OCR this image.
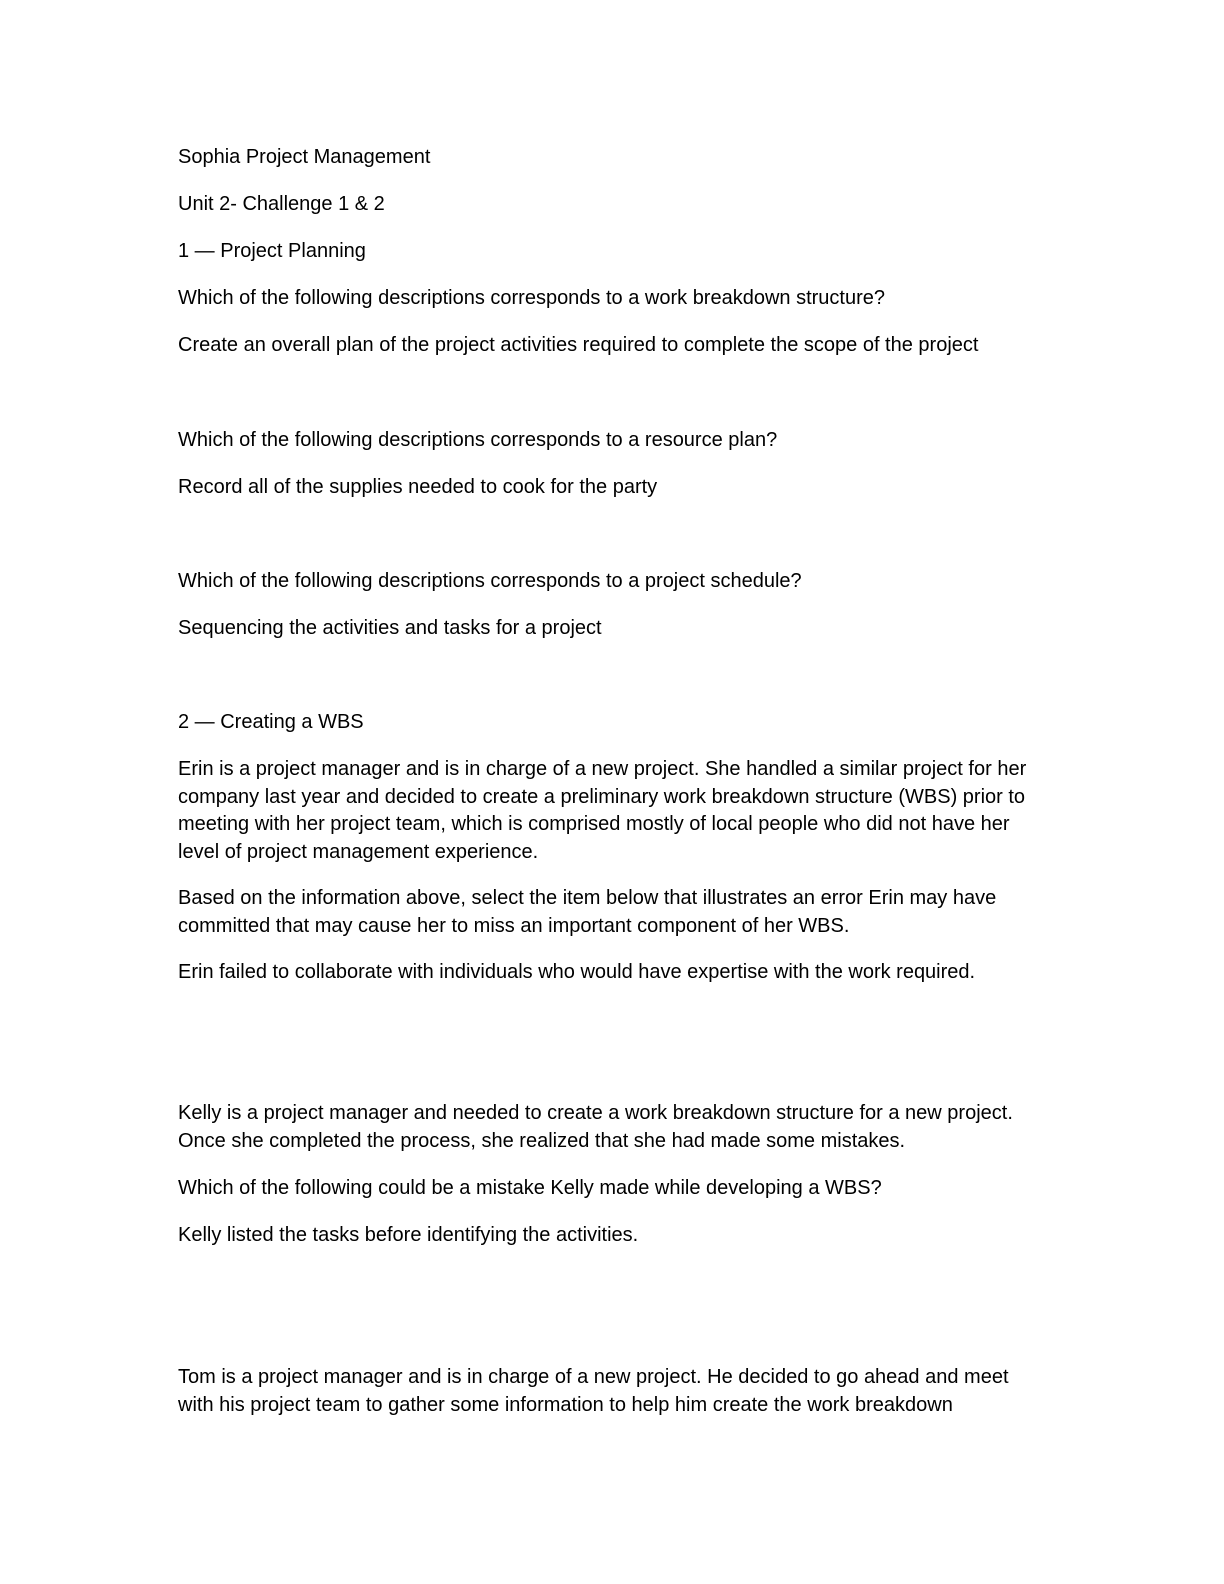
Sophia Project Management

Unit 2- Challenge 1 & 2

1 — Project Planning

Which of the following descriptions corresponds to a work breakdown structure?

Create an overall plan of the project activities required to complete the scope of the project

Which of the following descriptions corresponds to a resource plan?

Record all of the supplies needed to cook for the party

Which of the following descriptions corresponds to a project schedule?

Sequencing the activities and tasks for a project

2 — Creating a WBS

Erin is a project manager and is in charge of a new project. She handled a similar project for her
company last year and decided to create a preliminary work breakdown structure (WBS) prior to
meeting with her project team, which is comprised mostly of local people who did not have her
level of project management experience.
Based on the information above, select the item below that illustrates an error Erin may have
committed that may cause her to miss an important component of her WBS.

Erin failed to collaborate with individuals who would have expertise with the work required.

Kelly is a project manager and needed to create a work breakdown structure for a new project.
Once she completed the process, she realized that she had made some mistakes.

Which of the following could be a mistake Kelly made while developing a WBS?

Kelly listed the tasks before identifying the activities.

Tom is a project manager and is in charge of a new project. He decided to go ahead and meet
with his project team to gather some information to help him create the work breakdown
